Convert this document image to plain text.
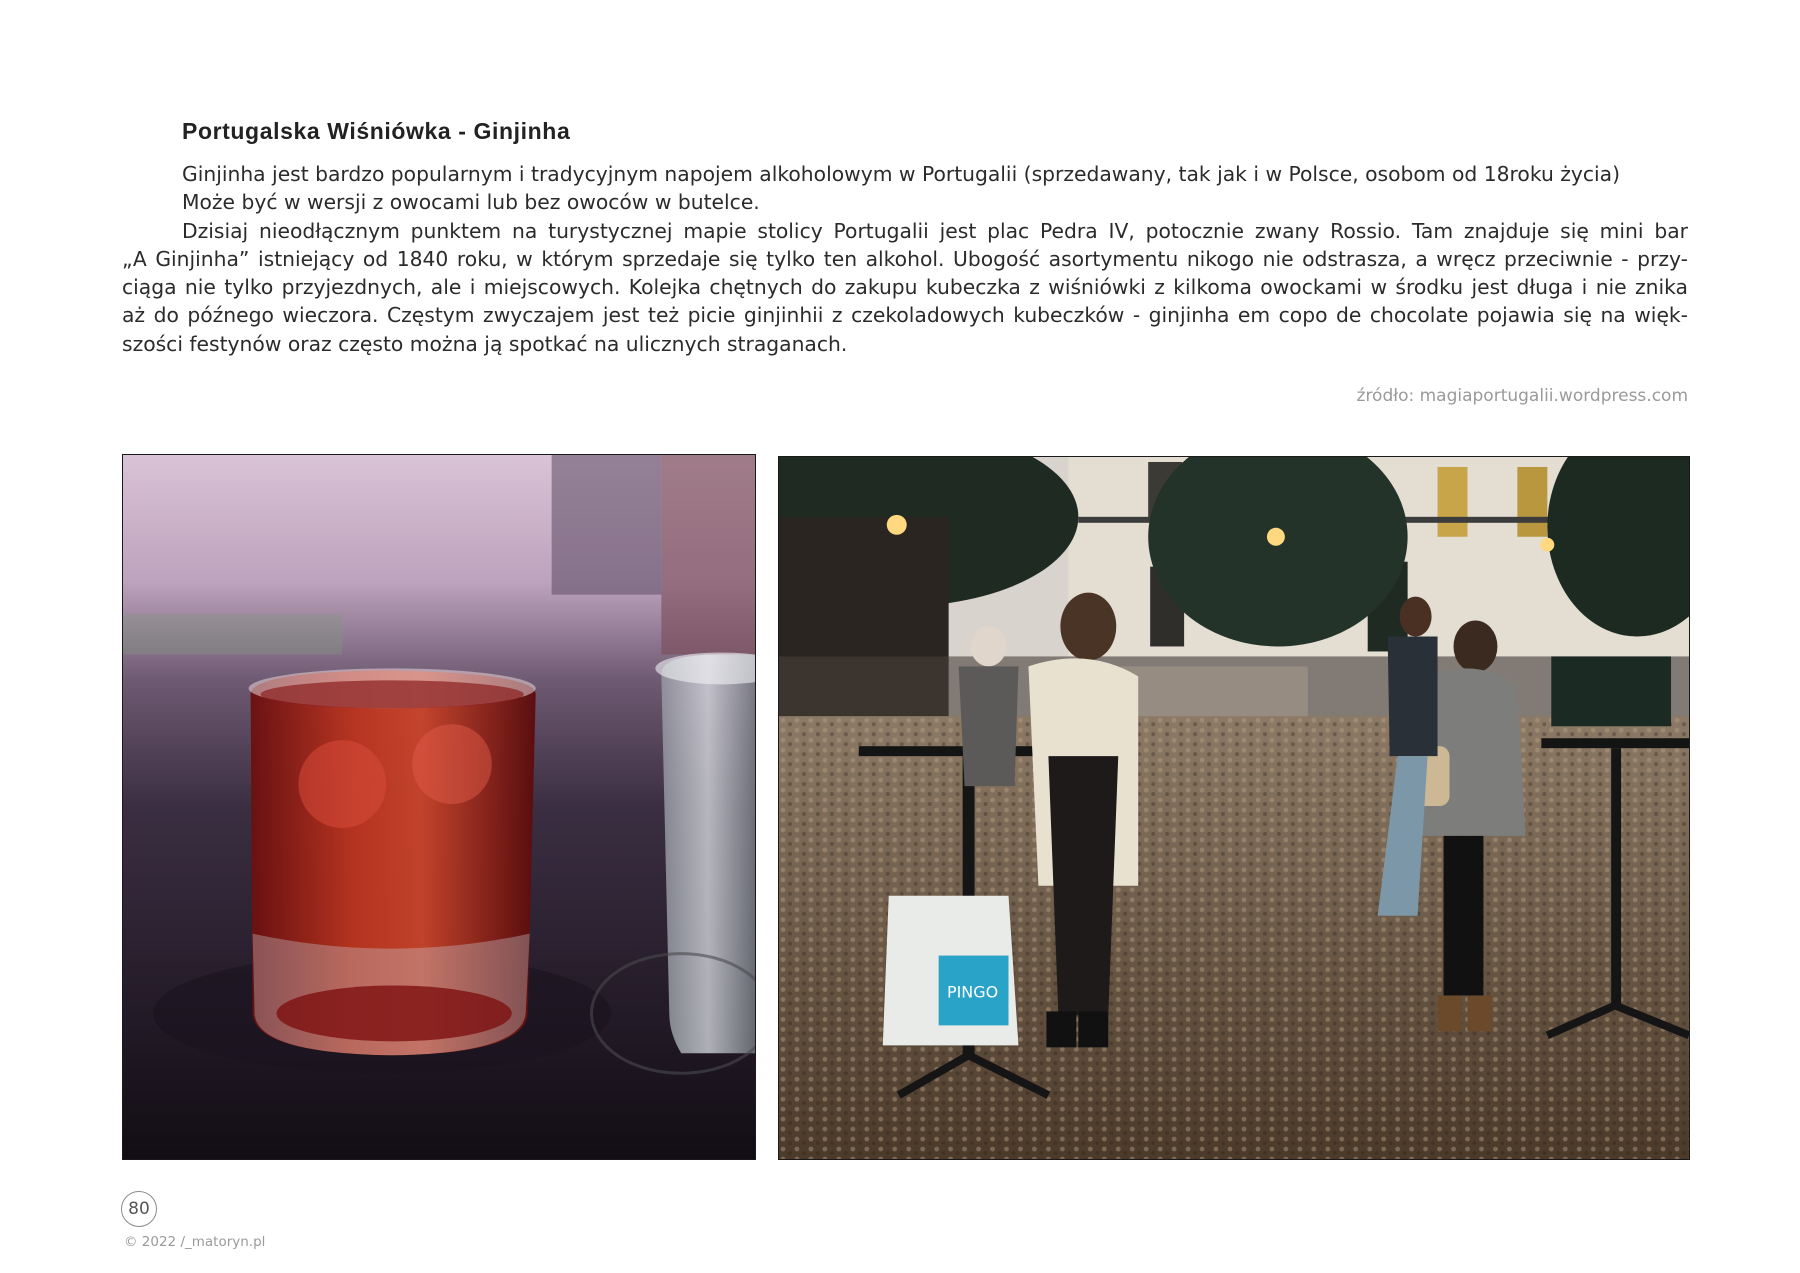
Portugalska Wiśniówka - Ginjinha
Ginjinha jest bardzo popularnym i tradycyjnym napojem alkoholowym w Portugalii (sprzedawany, tak jak i w Polsce, osobom od 18roku życia)
Może być w wersji z owocami lub bez owoców w butelce.
Dzisiaj nieodłącznym punktem na turystycznej mapie stolicy Portugalii jest plac Pedra IV, potocznie zwany Rossio. Tam znajduje się mini bar
„A Ginjinha” istniejący od 1840 roku, w którym sprzedaje się tylko ten alkohol. Ubogość asortymentu nikogo nie odstrasza, a wręcz przeciwnie - przy-
ciąga nie tylko przyjezdnych, ale i miejscowych. Kolejka chętnych do zakupu kubeczka z wiśniówki z kilkoma owockami w środku jest długa i nie znika
aż do późnego wieczora. Częstym zwyczajem jest też picie ginjinhii z czekoladowych kubeczków - ginjinha em copo de chocolate pojawia się na więk-
szości festynów oraz często można ją spotkać na ulicznych straganach.
źródło: magiaportugalii.wordpress.com
PINGO
80
© 2022 /_matoryn.pl
